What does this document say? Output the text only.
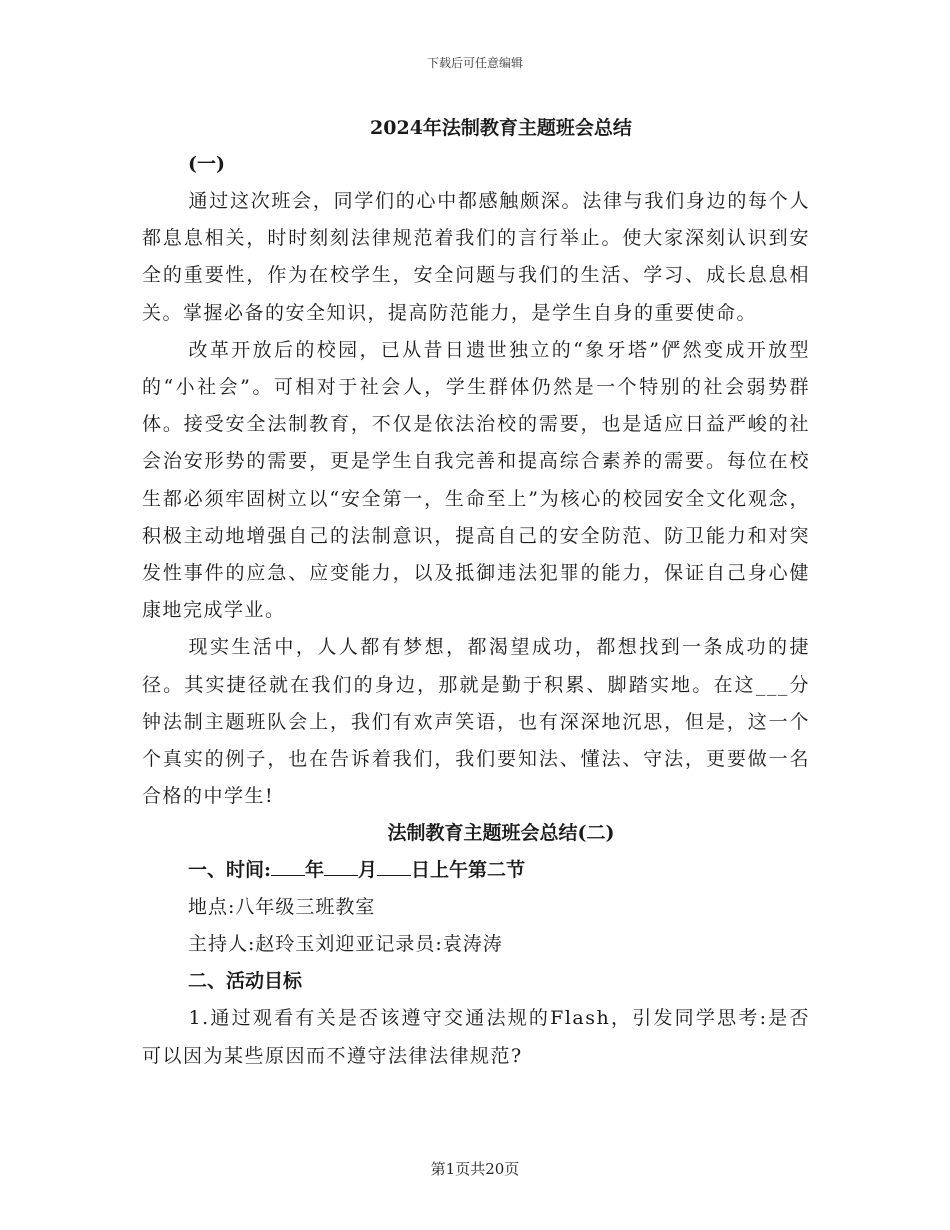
下载后可任意编辑
2024年法制教育主题班会总结
(一)

通过这次班会，同学们的心中都感触颇深。法律与我们身边的每个人都息息相关，时时刻刻法律规范着我们的言行举止。使大家深刻认识到安全的重要性，作为在校学生，安全问题与我们的生活、学习、成长息息相关。掌握必备的安全知识，提高防范能力，是学生自身的重要使命。

改革开放后的校园，已从昔日遗世独立的“象牙塔”俨然变成开放型的“小社会”。可相对于社会人，学生群体仍然是一个特别的社会弱势群体。接受安全法制教育，不仅是依法治校的需要，也是适应日益严峻的社会治安形势的需要，更是学生自我完善和提高综合素养的需要。每位在校生都必须牢固树立以“安全第一，生命至上”为核心的校园安全文化观念，积极主动地增强自己的法制意识，提高自己的安全防范、防卫能力和对突发性事件的应急、应变能力，以及抵御违法犯罪的能力，保证自己身心健康地完成学业。

现实生活中，人人都有梦想，都渴望成功，都想找到一条成功的捷径。其实捷径就在我们的身边，那就是勤于积累、脚踏实地。在这___分钟法制主题班队会上，我们有欢声笑语，也有深深地沉思，但是，这一个个真实的例子，也在告诉着我们，我们要知法、懂法、守法，更要做一名合格的中学生!

法制教育主题班会总结(二)
一、时间: 年 月 日上午第二节
地点:八年级三班教室
主持人:赵玲玉刘迎亚记录员:袁涛涛
二、活动目标

1.通过观看有关是否该遵守交通法规的Flash，引发同学思考:是否可以因为某些原因而不遵守法律法律规范?

第1页共20页
